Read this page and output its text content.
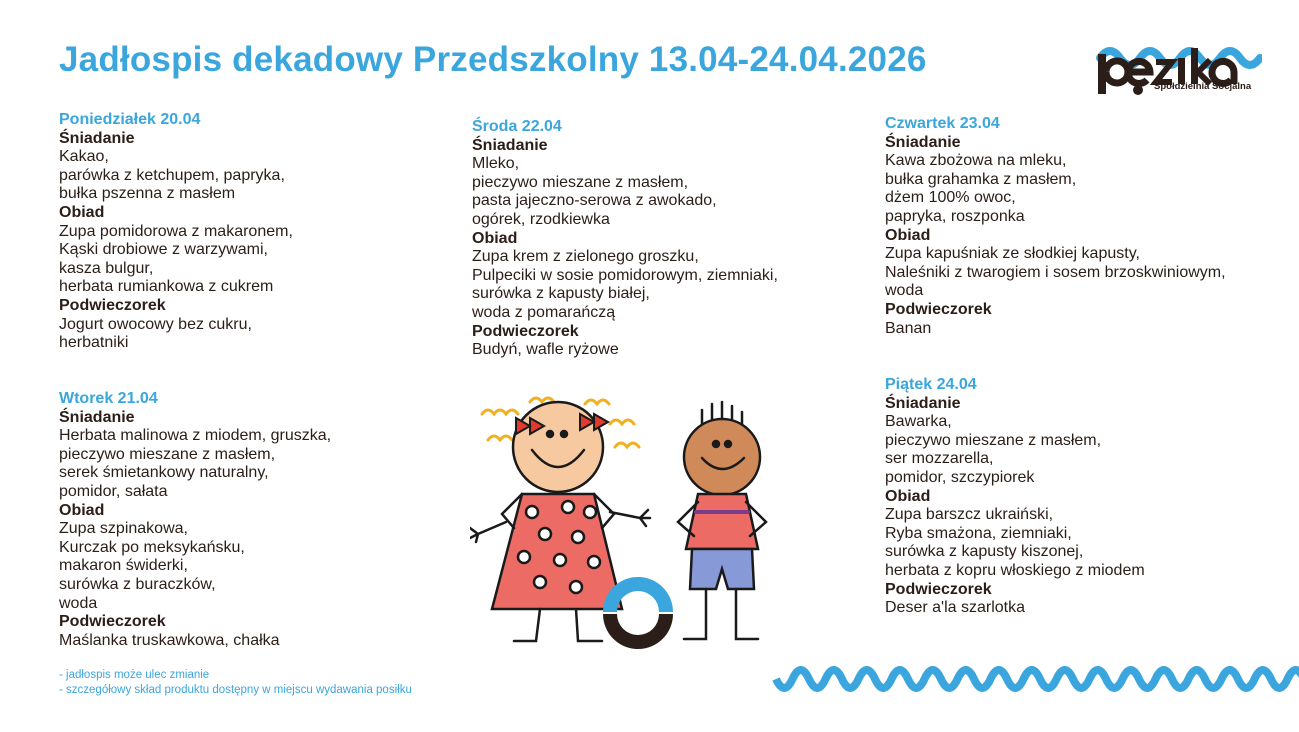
Jadłospis dekadowy Przedszkolny 13.04-24.04.2026
Spółdzielnia Socjalna
Poniedziałek 20.04
Śniadanie
Kakao,
parówka z ketchupem, papryka,
bułka pszenna z masłem
Obiad
Zupa pomidorowa z makaronem,
Kąski drobiowe z warzywami,
kasza bulgur,
herbata rumiankowa z cukrem
Podwieczorek
Jogurt owocowy bez cukru,
herbatniki
Wtorek 21.04
Śniadanie
Herbata malinowa z miodem, gruszka,
pieczywo mieszane z masłem,
serek śmietankowy naturalny,
pomidor, sałata
Obiad
Zupa szpinakowa,
Kurczak po meksykańsku,
makaron świderki,
surówka z buraczków,
woda
Podwieczorek
Maślanka truskawkowa, chałka
Środa 22.04
Śniadanie
Mleko,
pieczywo mieszane z masłem,
pasta jajeczno-serowa z awokado,
ogórek, rzodkiewka
Obiad
Zupa krem z zielonego groszku,
Pulpeciki w sosie pomidorowym, ziemniaki,
surówka z kapusty białej,
woda z pomarańczą
Podwieczorek
Budyń, wafle ryżowe
Czwartek 23.04
Śniadanie
Kawa zbożowa na mleku,
bułka grahamka z masłem,
dżem 100% owoc,
papryka, roszponka
Obiad
Zupa kapuśniak ze słodkiej kapusty,
Naleśniki z twarogiem i sosem brzoskwiniowym,
woda
Podwieczorek
Banan
Piątek 24.04
Śniadanie
Bawarka,
pieczywo mieszane z masłem,
ser mozzarella,
pomidor, szczypiorek
Obiad
Zupa barszcz ukraiński,
Ryba smażona, ziemniaki,
surówka z kapusty kiszonej,
herbata z kopru włoskiego z miodem
Podwieczorek
Deser a'la szarlotka
- jadłospis może ulec zmianie
- szczegółowy skład produktu dostępny w miejscu wydawania posiłku
